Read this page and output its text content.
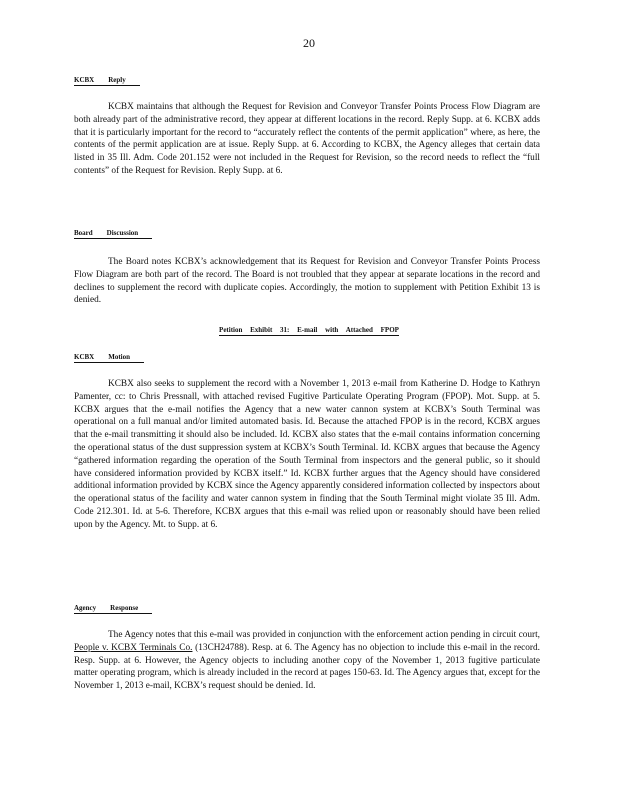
20
KCBX Reply

KCBX maintains that although the Request for Revision and Conveyor Transfer Points Process Flow Diagram are both already part of the administrative record, they appear at different locations in the record. Reply Supp. at 6. KCBX adds that it is particularly important for the record to “accurately reflect the contents of the permit application” where, as here, the contents of the permit application are at issue. Reply Supp. at 6. According to KCBX, the Agency alleges that certain data listed in 35 Ill. Adm. Code 201.152 were not included in the Request for Revision, so the record needs to reflect the “full contents” of the Request for Revision. Reply Supp. at 6.

Board Discussion

The Board notes KCBX’s acknowledgement that its Request for Revision and Conveyor Transfer Points Process Flow Diagram are both part of the record. The Board is not troubled that they appear at separate locations in the record and declines to supplement the record with duplicate copies. Accordingly, the motion to supplement with Petition Exhibit 13 is denied.

Petition Exhibit 31: E-mail with Attached FPOP
KCBX Motion

KCBX also seeks to supplement the record with a November 1, 2013 e-mail from Katherine D. Hodge to Kathryn Pamenter, cc: to Chris Pressnall, with attached revised Fugitive Particulate Operating Program (FPOP). Mot. Supp. at 5. KCBX argues that the e-mail notifies the Agency that a new water cannon system at KCBX’s South Terminal was operational on a full manual and/or limited automated basis. Id. Because the attached FPOP is in the record, KCBX argues that the e-mail transmitting it should also be included. Id. KCBX also states that the e-mail contains information concerning the operational status of the dust suppression system at KCBX’s South Terminal. Id. KCBX argues that because the Agency “gathered information regarding the operation of the South Terminal from inspectors and the general public, so it should have considered information provided by KCBX itself.” Id. KCBX further argues that the Agency should have considered additional information provided by KCBX since the Agency apparently considered information collected by inspectors about the operational status of the facility and water cannon system in finding that the South Terminal might violate 35 Ill. Adm. Code 212.301. Id. at 5-6. Therefore, KCBX argues that this e-mail was relied upon or reasonably should have been relied upon by the Agency. Mt. to Supp. at 6.

Agency Response

The Agency notes that this e-mail was provided in conjunction with the enforcement action pending in circuit court, People v. KCBX Terminals Co. (13CH24788). Resp. at 6. The Agency has no objection to include this e-mail in the record. Resp. Supp. at 6. However, the Agency objects to including another copy of the November 1, 2013 fugitive particulate matter operating program, which is already included in the record at pages 150-63. Id. The Agency argues that, except for the November 1, 2013 e-mail, KCBX’s request should be denied. Id.
